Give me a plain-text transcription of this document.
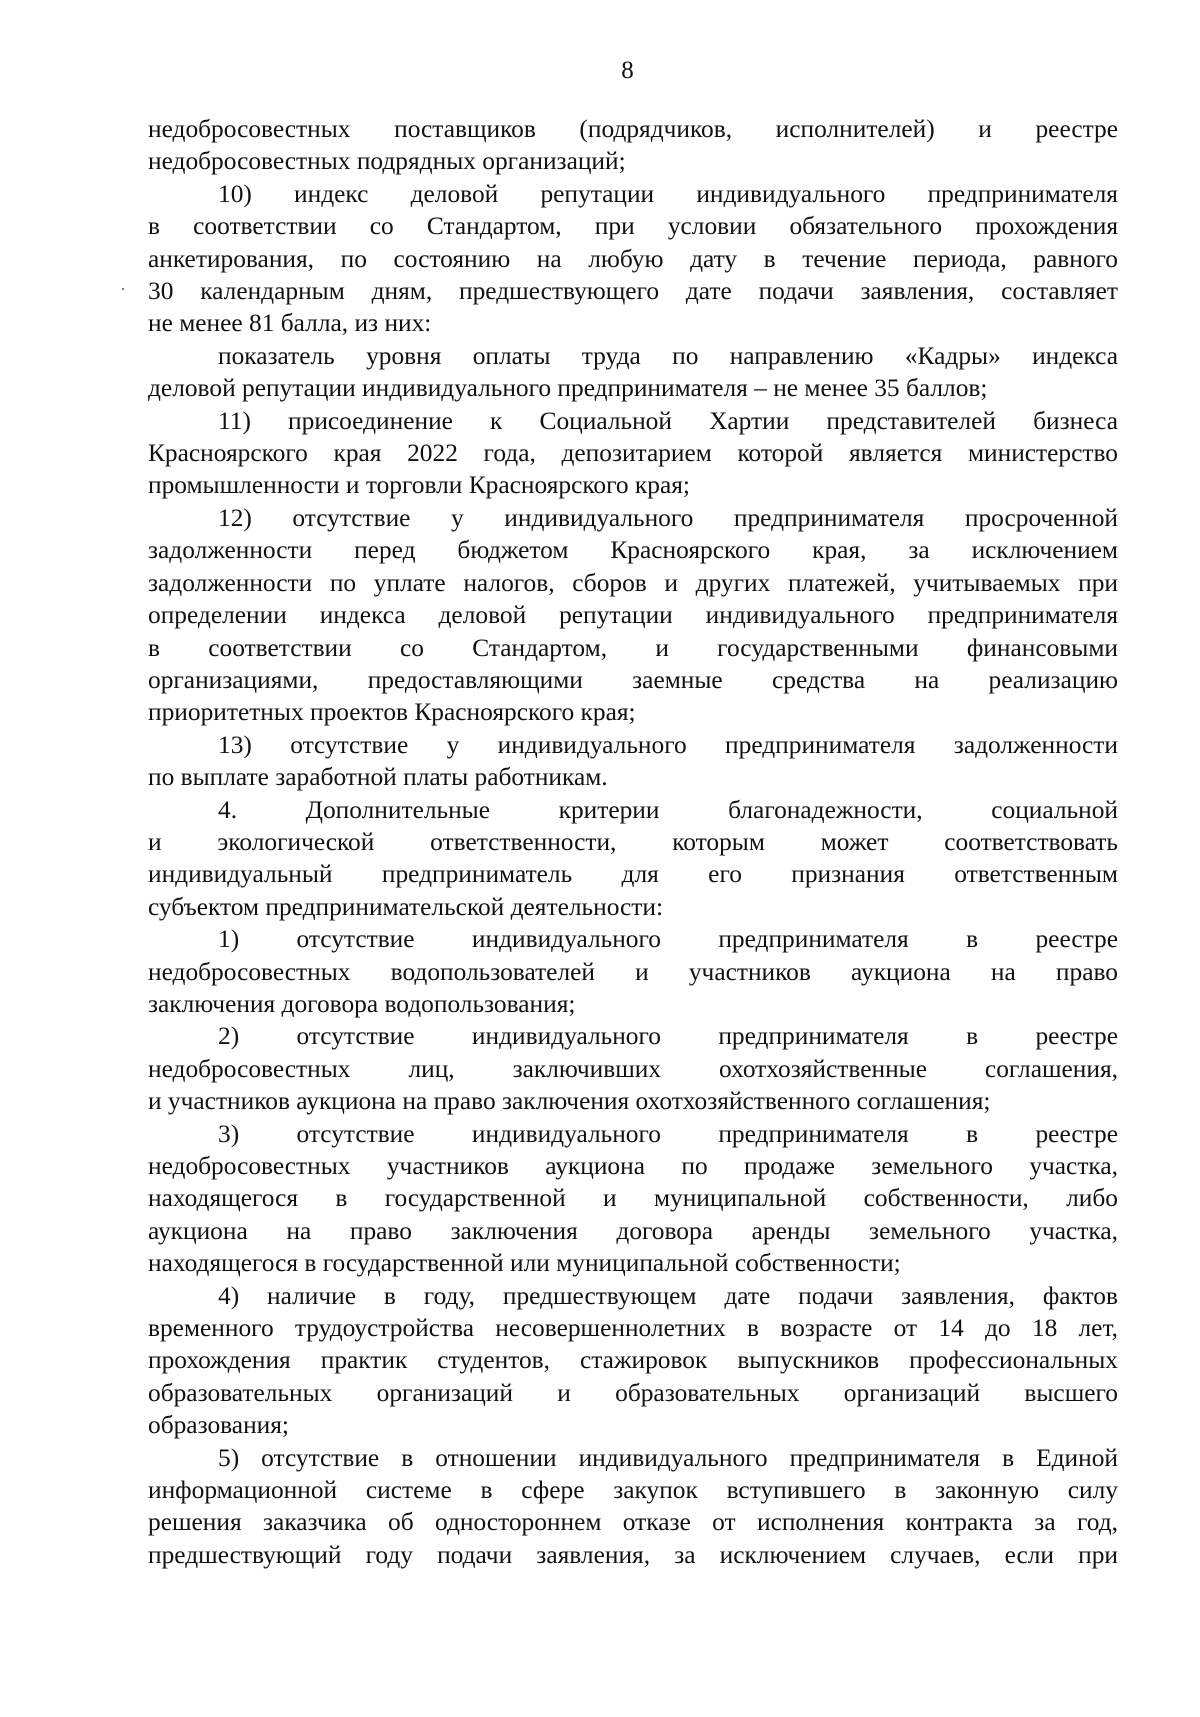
8
недобросовестных поставщиков (подрядчиков, исполнителей) и реестре
недобросовестных подрядных организаций;
10) индекс деловой репутации индивидуального предпринимателя
в соответствии со Стандартом, при условии обязательного прохождения
анкетирования, по состоянию на любую дату в течение периода, равного
30 календарным дням, предшествующего дате подачи заявления, составляет
не менее 81 балла, из них:
показатель уровня оплаты труда по направлению «Кадры» индекса
деловой репутации индивидуального предпринимателя – не менее 35 баллов;
11) присоединение к Социальной Хартии представителей бизнеса
Красноярского края 2022 года, депозитарием которой является министерство
промышленности и торговли Красноярского края;
12) отсутствие у индивидуального предпринимателя просроченной
задолженности перед бюджетом Красноярского края, за исключением
задолженности по уплате налогов, сборов и других платежей, учитываемых при
определении индекса деловой репутации индивидуального предпринимателя
в соответствии со Стандартом, и государственными финансовыми
организациями, предоставляющими заемные средства на реализацию
приоритетных проектов Красноярского края;
13) отсутствие у индивидуального предпринимателя задолженности
по выплате заработной платы работникам.
4. Дополнительные критерии благонадежности, социальной
и экологической ответственности, которым может соответствовать
индивидуальный предприниматель для его признания ответственным
субъектом предпринимательской деятельности:
1) отсутствие индивидуального предпринимателя в реестре
недобросовестных водопользователей и участников аукциона на право
заключения договора водопользования;
2) отсутствие индивидуального предпринимателя в реестре
недобросовестных лиц, заключивших охотхозяйственные соглашения,
и участников аукциона на право заключения охотхозяйственного соглашения;
3) отсутствие индивидуального предпринимателя в реестре
недобросовестных участников аукциона по продаже земельного участка,
находящегося в государственной и муниципальной собственности, либо
аукциона на право заключения договора аренды земельного участка,
находящегося в государственной или муниципальной собственности;
4) наличие в году, предшествующем дате подачи заявления, фактов
временного трудоустройства несовершеннолетних в возрасте от 14 до 18 лет,
прохождения практик студентов, стажировок выпускников профессиональных
образовательных организаций и образовательных организаций высшего
образования;
5) отсутствие в отношении индивидуального предпринимателя в Единой
информационной системе в сфере закупок вступившего в законную силу
решения заказчика об одностороннем отказе от исполнения контракта за год,
предшествующий году подачи заявления, за исключением случаев, если при
